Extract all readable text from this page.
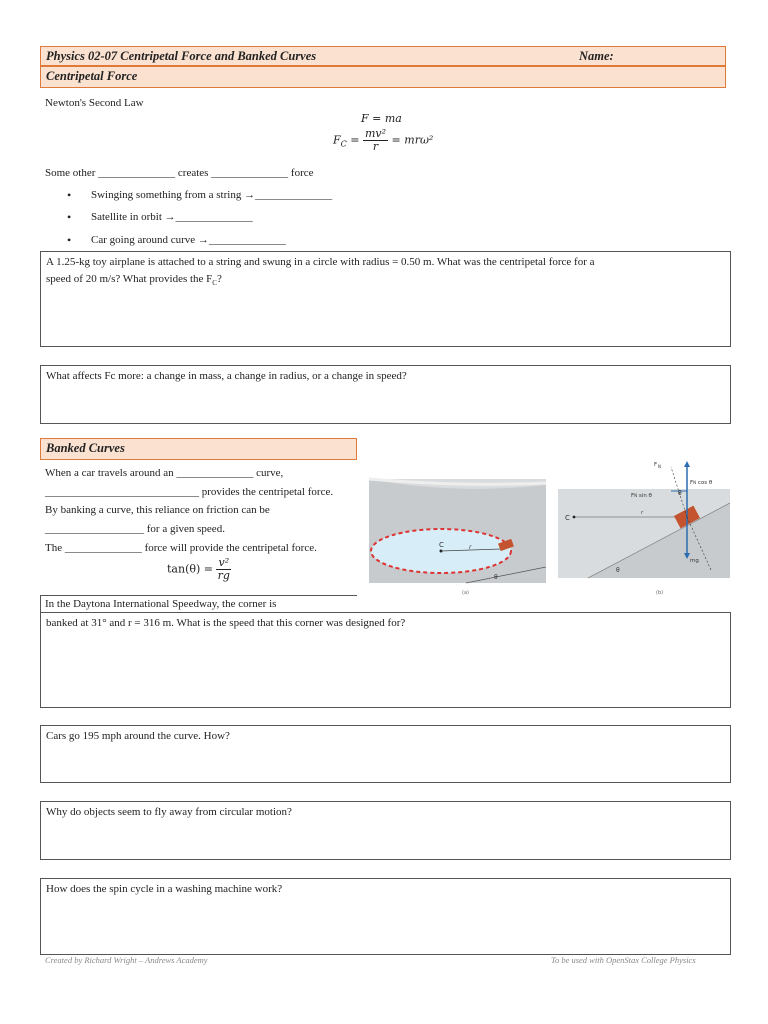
Physics 02-07 Centripetal Force and Banked Curves	Name:
Centripetal Force
Newton's Second Law
F = ma
$F_C = \frac{\text{mv²}}{r} = mr\omega^2$
Some other ______________ creates ______________ force
• Swinging something from a string →______________
• Satellite in orbit →______________
• Car going around curve →______________
A 1.25-kg toy airplane is attached to a string and swung in a circle with radius = 0.50 m. What was the centripetal force for a
speed of 20 m/s? What provides the $F_C$?
What affects Fc more: a change in mass, a change in radius, or a change in speed?
Banked Curves
When a car travels around an ______________ curve,
____________________________ provides the centripetal force.
By banking a curve, this reliance on friction can be
__________________ for a given speed.
The ______________ force will provide the centripetal force.
$\tan(\theta) = \frac{\text{v²}}{rg}$
C	r
θ
(a)
C
r
F N
FN cos θ
FN sin θ	θ
θ
mg
(b)
In the Daytona International Speedway, the corner is
banked at 31° and r = 316 m. What is the speed that this corner was designed for?
Cars go 195 mph around the curve. How?
Why do objects seem to fly away from circular motion?
How does the spin cycle in a washing machine work?
Created by Richard Wright – Andrews Academy	To be used with OpenStax College Physics
